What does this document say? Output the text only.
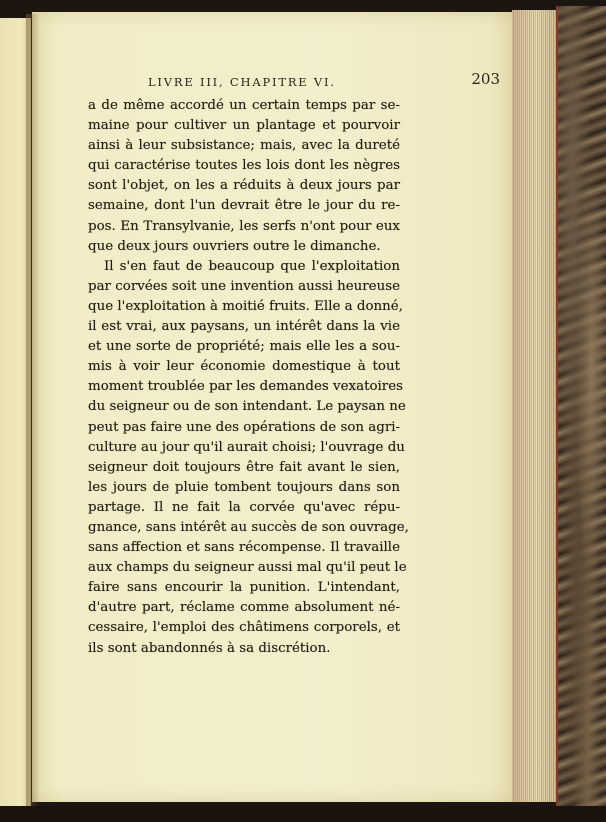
LIVRE III, CHAPITRE VI.	203
a de même accordé un certain temps par se-
maine pour cultiver un plantage et pourvoir
ainsi à leur subsistance; mais, avec la dureté
qui caractérise toutes les lois dont les nègres
sont l'objet, on les a réduits à deux jours par
semaine, dont l'un devrait être le jour du re-
pos. En Transylvanie, les serfs n'ont pour eux
que deux jours ouvriers outre le dimanche.
Il s'en faut de beaucoup que l'exploitation
par corvées soit une invention aussi heureuse
que l'exploitation à moitié fruits. Elle a donné,
il est vrai, aux paysans, un intérêt dans la vie
et une sorte de propriété; mais elle les a sou-
mis à voir leur économie domestique à tout
moment troublée par les demandes vexatoires
du seigneur ou de son intendant. Le paysan ne
peut pas faire une des opérations de son agri-
culture au jour qu'il aurait choisi; l'ouvrage du
seigneur doit toujours être fait avant le sien,
les jours de pluie tombent toujours dans son
partage. Il ne fait la corvée qu'avec répu-
gnance, sans intérêt au succès de son ouvrage,
sans affection et sans récompense. Il travaille
aux champs du seigneur aussi mal qu'il peut le
faire sans encourir la punition. L'intendant,
d'autre part, réclame comme absolument né-
cessaire, l'emploi des châtimens corporels, et
ils sont abandonnés à sa discrétion.
